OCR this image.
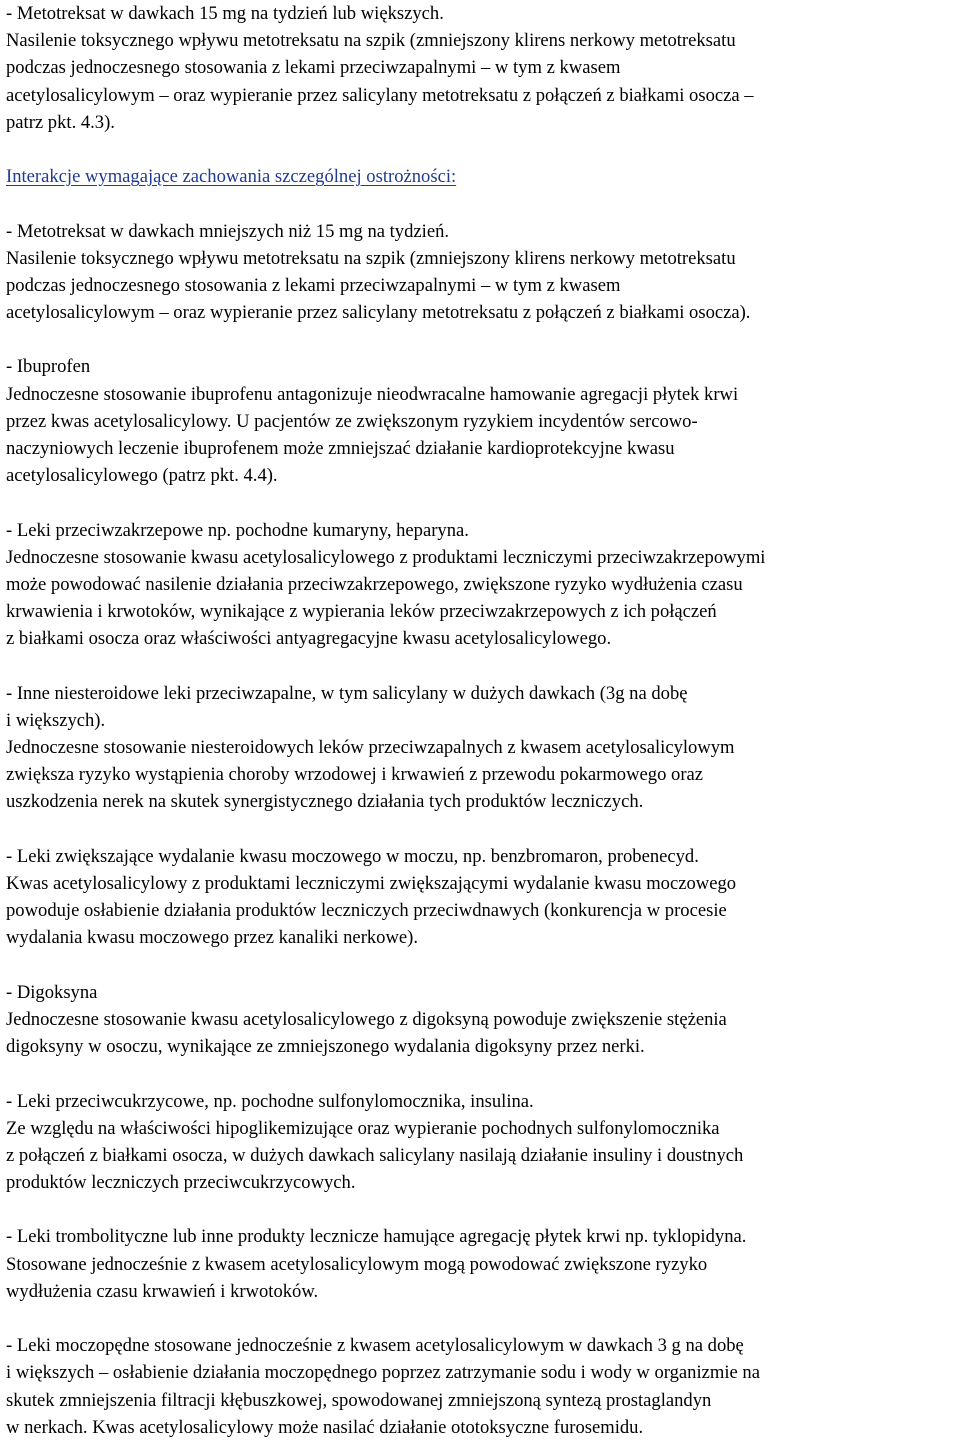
- Metotreksat w dawkach 15 mg na tydzień lub większych.
Nasilenie toksycznego wpływu metotreksatu na szpik (zmniejszony klirens nerkowy metotreksatu
podczas jednoczesnego stosowania z lekami przeciwzapalnymi – w tym z kwasem
acetylosalicylowym – oraz wypieranie przez salicylany metotreksatu z połączeń z białkami osocza –
patrz pkt. 4.3).
Interakcje wymagające zachowania szczególnej ostrożności:
- Metotreksat w dawkach mniejszych niż 15 mg na tydzień.
Nasilenie toksycznego wpływu metotreksatu na szpik (zmniejszony klirens nerkowy metotreksatu
podczas jednoczesnego stosowania z lekami przeciwzapalnymi – w tym z kwasem
acetylosalicylowym – oraz wypieranie przez salicylany metotreksatu z połączeń z białkami osocza).
- Ibuprofen
Jednoczesne stosowanie ibuprofenu antagonizuje nieodwracalne hamowanie agregacji płytek krwi
przez kwas acetylosalicylowy. U pacjentów ze zwiększonym ryzykiem incydentów sercowo-
naczyniowych leczenie ibuprofenem może zmniejszać działanie kardioprotekcyjne kwasu
acetylosalicylowego (patrz pkt. 4.4).
- Leki przeciwzakrzepowe np. pochodne kumaryny, heparyna.
Jednoczesne stosowanie kwasu acetylosalicylowego z produktami leczniczymi przeciwzakrzepowymi
może powodować nasilenie działania przeciwzakrzepowego, zwiększone ryzyko wydłużenia czasu
krwawienia i krwotoków, wynikające z wypierania leków przeciwzakrzepowych z ich połączeń
z białkami osocza oraz właściwości antyagregacyjne kwasu acetylosalicylowego.
- Inne niesteroidowe leki przeciwzapalne, w tym salicylany w dużych dawkach (3g na dobę
i większych).
Jednoczesne stosowanie niesteroidowych leków przeciwzapalnych z kwasem acetylosalicylowym
zwiększa ryzyko wystąpienia choroby wrzodowej i krwawień z przewodu pokarmowego oraz
uszkodzenia nerek na skutek synergistycznego działania tych produktów leczniczych.
- Leki zwiększające wydalanie kwasu moczowego w moczu, np. benzbromaron, probenecyd.
Kwas acetylosalicylowy z produktami leczniczymi zwiększającymi wydalanie kwasu moczowego
powoduje osłabienie działania produktów leczniczych przeciwdnawych (konkurencja w procesie
wydalania kwasu moczowego przez kanaliki nerkowe).
- Digoksyna
Jednoczesne stosowanie kwasu acetylosalicylowego z digoksyną powoduje zwiększenie stężenia
digoksyny w osoczu, wynikające ze zmniejszonego wydalania digoksyny przez nerki.
- Leki przeciwcukrzycowe, np. pochodne sulfonylomocznika, insulina.
Ze względu na właściwości hipoglikemizujące oraz wypieranie pochodnych sulfonylomocznika
z połączeń z białkami osocza, w dużych dawkach salicylany nasilają działanie insuliny i doustnych
produktów leczniczych przeciwcukrzycowych.
- Leki trombolityczne lub inne produkty lecznicze hamujące agregację płytek krwi np. tyklopidyna.
Stosowane jednocześnie z kwasem acetylosalicylowym mogą powodować zwiększone ryzyko
wydłużenia czasu krwawień i krwotoków.
- Leki moczopędne stosowane jednocześnie z kwasem acetylosalicylowym w dawkach 3 g na dobę
i większych – osłabienie działania moczopędnego poprzez zatrzymanie sodu i wody w organizmie na
skutek zmniejszenia filtracji kłębuszkowej, spowodowanej zmniejszoną syntezą prostaglandyn
w nerkach. Kwas acetylosalicylowy może nasilać działanie ototoksyczne furosemidu.
